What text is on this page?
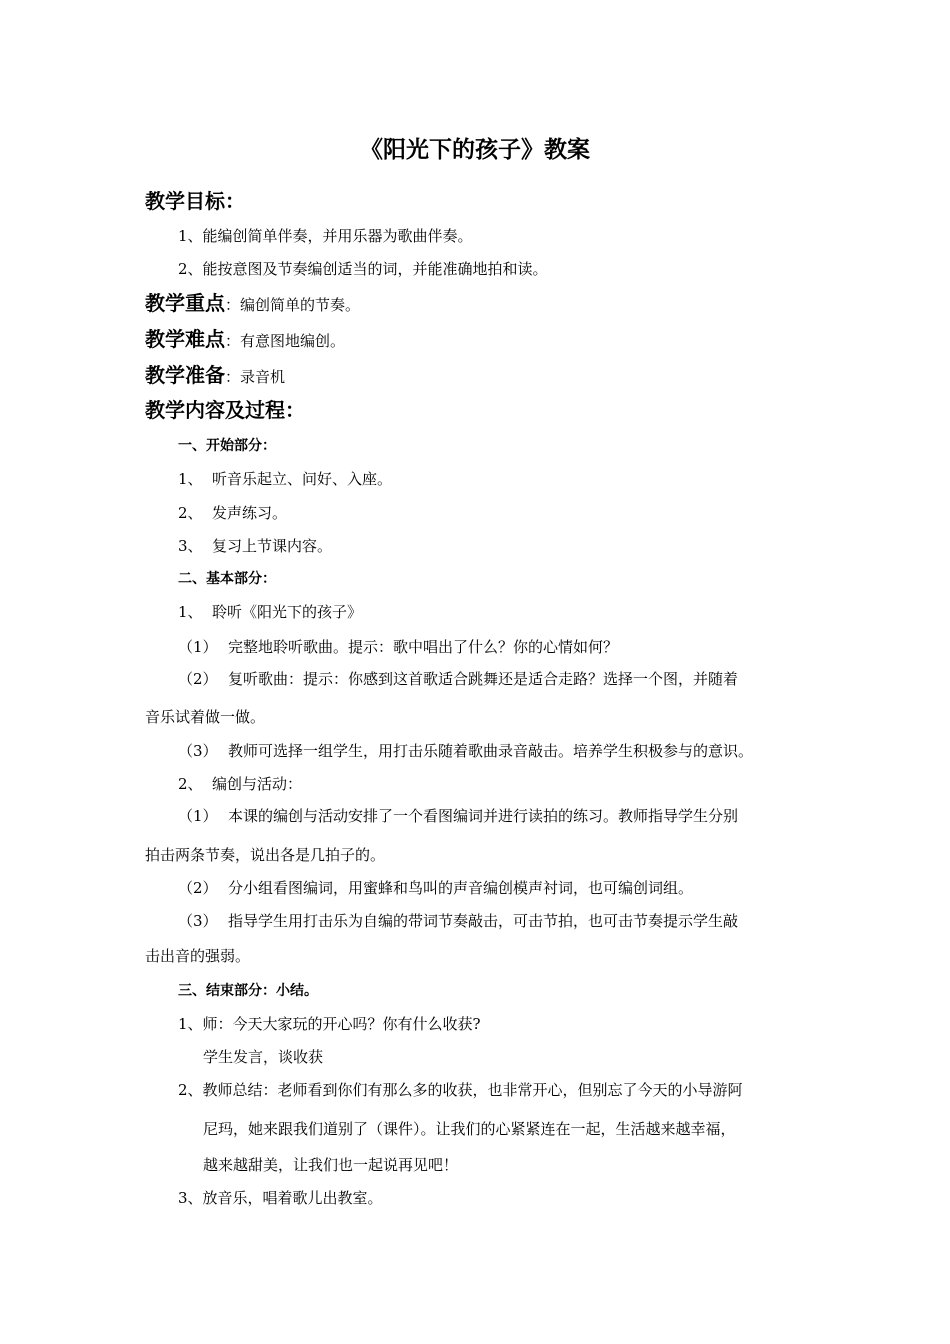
《阳光下的孩子》教案
教学目标：
1、能编创简单伴奏，并用乐器为歌曲伴奏。
2、能按意图及节奏编创适当的词，并能准确地拍和读。
教学重点：编创简单的节奏。
教学难点：有意图地编创。
教学准备：录音机
教学内容及过程：
一、开始部分：
1、 听音乐起立、问好、入座。
2、 发声练习。
3、 复习上节课内容。
二、基本部分：
1、 聆听《阳光下的孩子》
（1） 完整地聆听歌曲。提示：歌中唱出了什么？你的心情如何？
（2） 复听歌曲：提示：你感到这首歌适合跳舞还是适合走路？选择一个图，并随着
音乐试着做一做。
（3） 教师可选择一组学生，用打击乐随着歌曲录音敲击。培养学生积极参与的意识。
2、 编创与活动：
（1） 本课的编创与活动安排了一个看图编词并进行读拍的练习。教师指导学生分别
拍击两条节奏，说出各是几拍子的。
（2） 分小组看图编词，用蜜蜂和鸟叫的声音编创模声衬词，也可编创词组。
（3） 指导学生用打击乐为自编的带词节奏敲击，可击节拍，也可击节奏提示学生敲
击出音的强弱。
三、结束部分：小结。
1、师：今天大家玩的开心吗？你有什么收获?
学生发言，谈收获
2、教师总结：老师看到你们有那么多的收获，也非常开心，但别忘了今天的小导游阿
尼玛，她来跟我们道别了（课件）。让我们的心紧紧连在一起，生活越来越幸福，
越来越甜美，让我们也一起说再见吧！
3、放音乐，唱着歌儿出教室。
